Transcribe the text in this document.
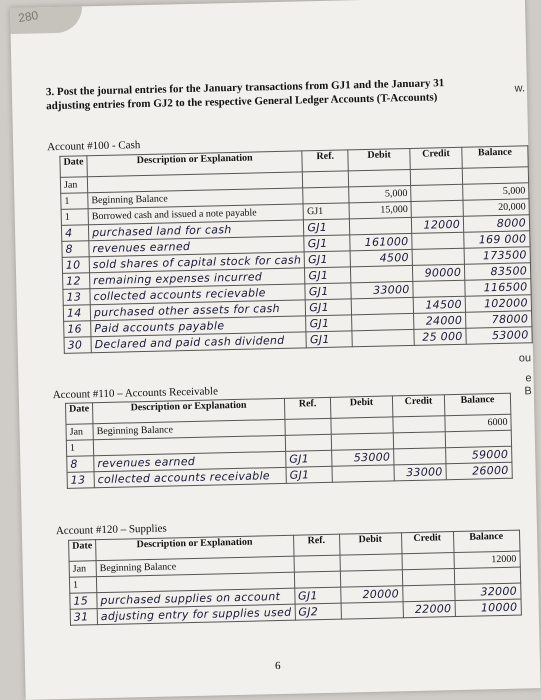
280
w.
ou
e
B
3. Post the journal entries for the January transactions from GJ1 and the January 31 adjusting entries from GJ2 to the respective General Ledger Accounts (T-Accounts)
Account #100 - Cash
Date	Description or Explanation	Ref.	Debit	Credit	Balance
Jan					
1	Beginning Balance		5,000		5,000
1	Borrowed cash and issued a note payable	GJ1	15,000		20,000
4	purchased land for cash	GJ1		12000	8000
8	revenues earned	GJ1	161000		169 000
10	sold shares of capital stock for cash	GJ1	4500		173500
12	remaining expenses incurred	GJ1		90000	83500
13	collected accounts recievable	GJ1	33000		116500
14	purchased other assets for cash	GJ1		14500	102000
16	Paid accounts payable	GJ1		24000	78000
30	Declared and paid cash dividend	GJ1		25 000	53000
Account #110 – Accounts Receivable
Date	Description or Explanation	Ref.	Debit	Credit	Balance
Jan	Beginning Balance				6000
1					
8	revenues earned	GJ1	53000		59000
13	collected accounts receivable	GJ1		33000	26000
Account #120 – Supplies
Date	Description or Explanation	Ref.	Debit	Credit	Balance
Jan	Beginning Balance				12000
1					
15	purchased supplies on account	GJ1	20000		32000
31	adjusting entry for supplies used	GJ2		22000	10000
6
